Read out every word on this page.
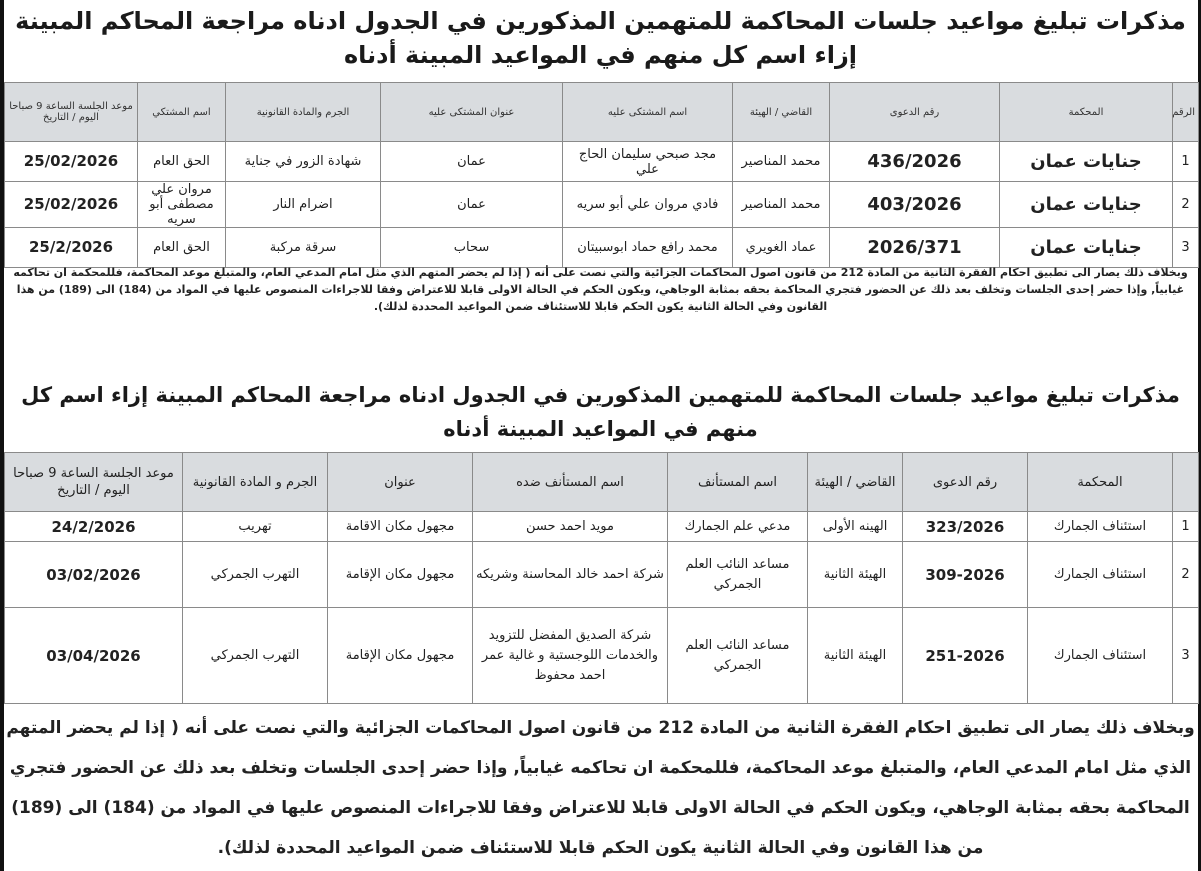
مذكرات تبليغ مواعيد جلسات المحاكمة للمتهمين المذكورين في الجدول ادناه مراجعة المحاكم المبينة إزاء اسم كل منهم في المواعيد المبينة أدناه
الرقم	المحكمة	رقم الدعوى	القاضي / الهيئة	اسم المشتكى عليه	عنوان المشتكى عليه	الجرم والمادة القانونية	اسم المشتكي	موعد الجلسة الساعة 9 صباحا اليوم / التاريخ
1	جنايات عمان	436/2026	محمد المناصير	مجد صبحي سليمان الحاج علي	عمان	شهادة الزور في جناية	الحق العام	25/02/2026
2	جنايات عمان	403/2026	محمد المناصير	فادي مروان علي أبو سريه	عمان	اضرام النار	مروان علي مصطفى أبو سريه	25/02/2026
3	جنايات عمان	2026/371	عماد الغويري	محمد رافع حماد ابوسبيتان	سحاب	سرقة مركبة	الحق العام	25/2/2026
وبخلاف ذلك يصار الى تطبيق احكام الفقرة الثانية من المادة 212 من قانون اصول المحاكمات الجزائية والتي نصت على أنه ( إذا لم يحضر المتهم الذي مثل امام المدعي العام، والمتبلغ موعد المحاكمة، فللمحكمة ان تحاكمه غيابياً, وإذا حضر إحدى الجلسات وتخلف بعد ذلك عن الحضور فتجري المحاكمة بحقه بمثابة الوجاهي، ويكون الحكم في الحالة الاولى قابلا للاعتراض وفقا للاجراءات المنصوص عليها في المواد من (184) الى (189) من هذا القانون وفي الحالة الثانية يكون الحكم قابلا للاستئناف ضمن المواعيد المحددة لذلك).
مذكرات تبليغ مواعيد جلسات المحاكمة للمتهمين المذكورين في الجدول ادناه مراجعة المحاكم المبينة إزاء اسم كل منهم في المواعيد المبينة أدناه
	المحكمة	رقم الدعوى	القاضي / الهيئة	اسم المستأنف	اسم المستأنف ضده	عنوان	الجرم و المادة القانونية	موعد الجلسة الساعة 9 صباحا اليوم / التاريخ
1	استئناف الجمارك	323/2026	الهينه الأولى	مدعي علم الجمارك	مويد احمد حسن	مجهول مكان الاقامة	تهريب	24/2/2026
2	استئناف الجمارك	309-2026	الهيئة الثانية	مساعد النائب العلم الجمركي	شركة احمد خالد المحاسنة وشريكه	مجهول مكان الإقامة	التهرب الجمركي	03/02/2026
3	استئناف الجمارك	251-2026	الهيئة الثانية	مساعد النائب العلم الجمركي	شركة الصديق المفضل للتزويد والخدمات اللوجستية و غالية عمر احمد محفوظ	مجهول مكان الإقامة	التهرب الجمركي	03/04/2026
وبخلاف ذلك يصار الى تطبيق احكام الفقرة الثانية من المادة 212 من قانون اصول المحاكمات الجزائية والتي نصت على أنه ( إذا لم يحضر المتهم الذي مثل امام المدعي العام، والمتبلغ موعد المحاكمة، فللمحكمة ان تحاكمه غيابياً, وإذا حضر إحدى الجلسات وتخلف بعد ذلك عن الحضور فتجري المحاكمة بحقه بمثابة الوجاهي، ويكون الحكم في الحالة الاولى قابلا للاعتراض وفقا للاجراءات المنصوص عليها في المواد من (184) الى (189) من هذا القانون وفي الحالة الثانية يكون الحكم قابلا للاستئناف ضمن المواعيد المحددة لذلك).
